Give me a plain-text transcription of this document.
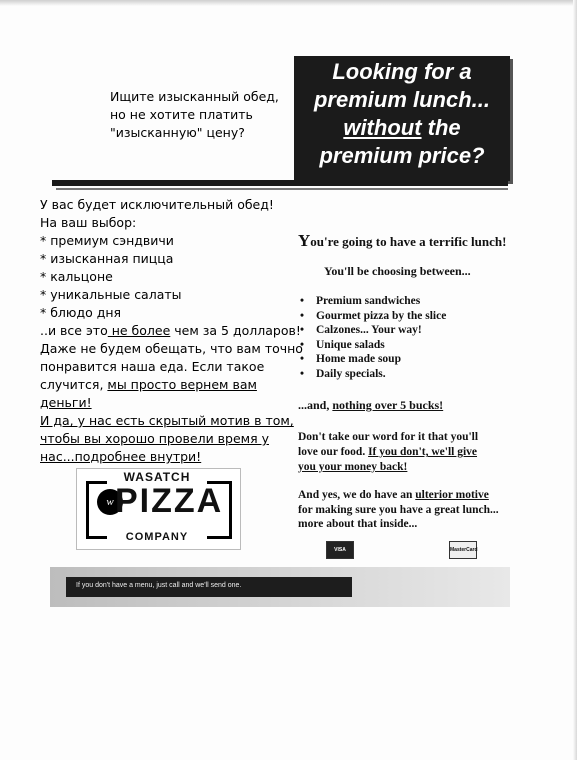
Looking for a
premium lunch...
without the
premium price?
Ищите изысканный обед,
но не хотите платить
"изысканную" цену?
У вас будет исключительный обед!
На ваш выбор:
* премиум сэндвичи
* изысканная пицца
* кальцоне
* уникальные салаты
* блюдо дня
..и все это не более чем за 5 долларов!
Даже не будем обещать, что вам точно
понравится наша еда. Если такое
случится, мы просто вернем вам
деньги!
И да, у нас есть скрытый мотив в том,
чтобы вы хорошо провели время у
нас...подробнее внутри!
You're going to have a terrific lunch!
You'll be choosing between...
• Premium sandwiches
• Gourmet pizza by the slice
• Calzones... Your way!
• Unique salads
• Home made soup
• Daily specials.
...and, nothing over 5 bucks!
Don't take our word for it that you'll
love our food. If you don't, we'll give
you your money back!
And yes, we do have an ulterior motive
for making sure you have a great lunch...
more about that inside...
VISA	MasterCard
WASATCH
w PIZZA
COMPANY
If you don't have a menu, just call and we'll send one.
